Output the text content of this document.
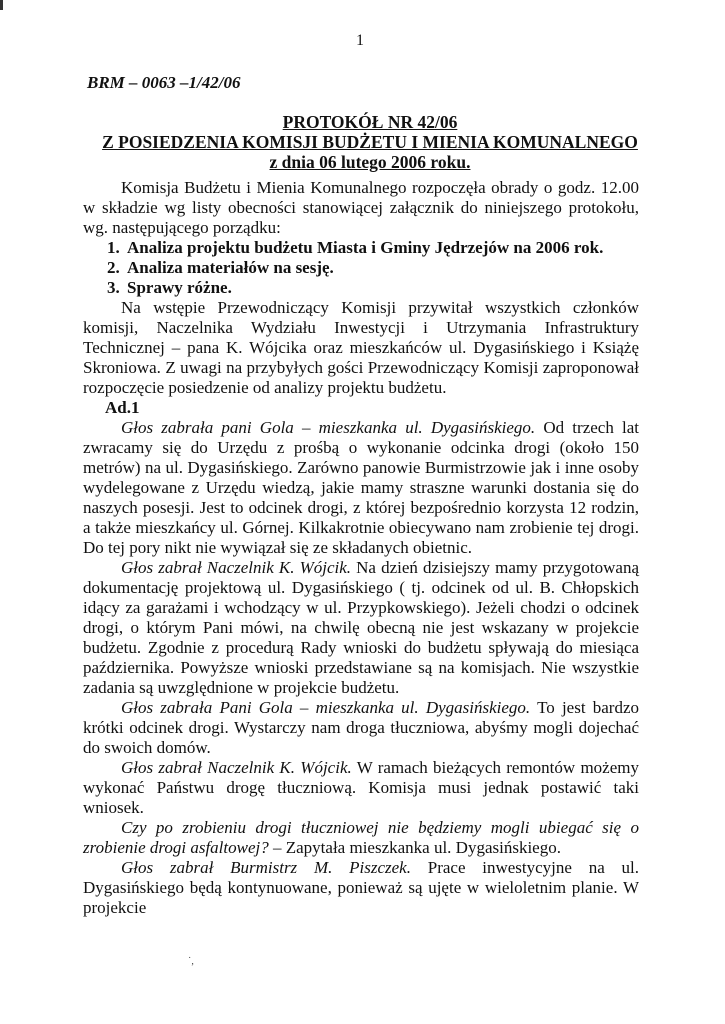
1
BRM – 0063 –1/42/06
PROTOKÓŁ NR 42/06
Z POSIEDZENIA KOMISJI BUDŻETU I MIENIA KOMUNALNEGO
z dnia 06 lutego 2006 roku.
Komisja Budżetu i Mienia Komunalnego rozpoczęła obrady o godz. 12.00 w składzie wg listy obecności stanowiącej załącznik do niniejszego protokołu, wg. następującego porządku:
1. Analiza projektu budżetu Miasta i Gminy Jędrzejów na 2006 rok.
2. Analiza materiałów na sesję.
3. Sprawy różne.
Na wstępie Przewodniczący Komisji przywitał wszystkich członków komisji, Naczelnika Wydziału Inwestycji i Utrzymania Infrastruktury Technicznej – pana K. Wójcika oraz mieszkańców ul. Dygasińskiego i Książę Skroniowa. Z uwagi na przybyłych gości Przewodniczący Komisji zaproponował rozpoczęcie posiedzenie od analizy projektu budżetu.
Ad.1
Głos zabrała pani Gola – mieszkanka ul. Dygasińskiego. Od trzech lat zwracamy się do Urzędu z prośbą o wykonanie odcinka drogi (około 150 metrów) na ul. Dygasińskiego. Zarówno panowie Burmistrzowie jak i inne osoby wydelegowane z Urzędu wiedzą, jakie mamy straszne warunki dostania się do naszych posesji. Jest to odcinek drogi, z której bezpośrednio korzysta 12 rodzin, a także mieszkańcy ul. Górnej. Kilkakrotnie obiecywano nam zrobienie tej drogi. Do tej pory nikt nie wywiązał się ze składanych obietnic.
Głos zabrał Naczelnik K. Wójcik. Na dzień dzisiejszy mamy przygotowaną dokumentację projektową ul. Dygasińskiego ( tj. odcinek od ul. B. Chłopskich idący za garażami i wchodzący w ul. Przypkowskiego). Jeżeli chodzi o odcinek drogi, o którym Pani mówi, na chwilę obecną nie jest wskazany w projekcie budżetu. Zgodnie z procedurą Rady wnioski do budżetu spływają do miesiąca października. Powyższe wnioski przedstawiane są na komisjach. Nie wszystkie zadania są uwzględnione w projekcie budżetu.
Głos zabrała Pani Gola – mieszkanka ul. Dygasińskiego. To jest bardzo krótki odcinek drogi. Wystarczy nam droga tłuczniowa, abyśmy mogli dojechać do swoich domów.
Głos zabrał Naczelnik K. Wójcik. W ramach bieżących remontów możemy wykonać Państwu drogę tłuczniową. Komisja musi jednak postawić taki wniosek.
Czy po zrobieniu drogi tłuczniowej nie będziemy mogli ubiegać się o zrobienie drogi asfaltowej? – Zapytała mieszkanka ul. Dygasińskiego.
Głos zabrał Burmistrz M. Piszczek. Prace inwestycyjne na ul. Dygasińskiego będą kontynuowane, ponieważ są ujęte w wieloletnim planie. W projekcie
˙,
